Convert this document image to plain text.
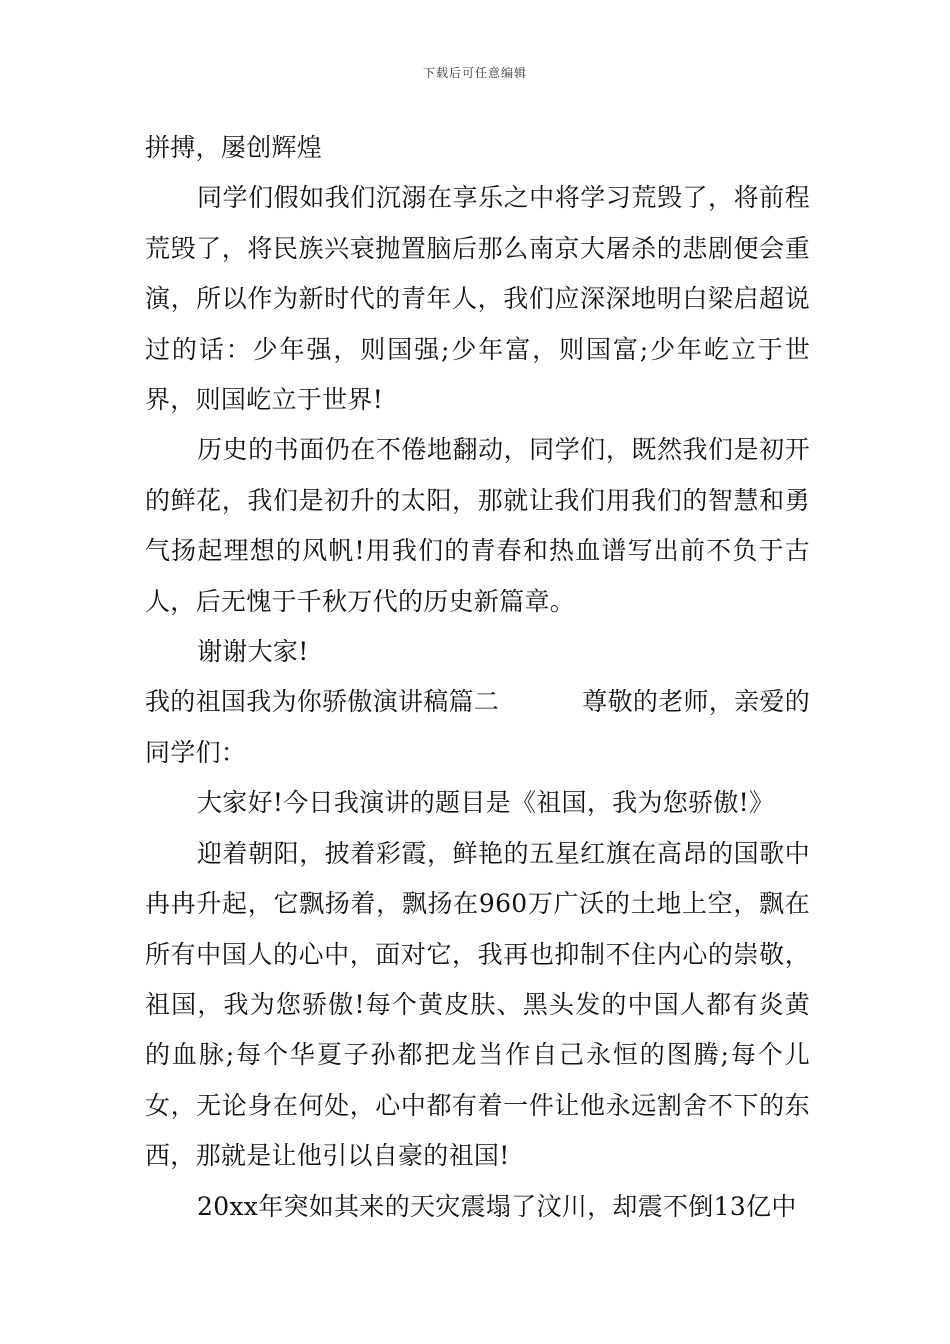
下载后可任意编辑

拼搏，屡创辉煌

同学们假如我们沉溺在享乐之中将学习荒毁了，将前程荒毁了，将民族兴衰抛置脑后那么南京大屠杀的悲剧便会重演，所以作为新时代的青年人，我们应深深地明白梁启超说过的话：少年强，则国强;少年富，则国富;少年屹立于世界，则国屹立于世界!

历史的书面仍在不倦地翻动，同学们，既然我们是初开的鲜花，我们是初升的太阳，那就让我们用我们的智慧和勇气扬起理想的风帆!用我们的青春和热血谱写出前不负于古人，后无愧于千秋万代的历史新篇章。

谢谢大家!

我的祖国我为你骄傲演讲稿篇二	尊敬的老师，亲爱的

同学们：

大家好!今日我演讲的题目是《祖国，我为您骄傲!》

迎着朝阳，披着彩霞，鲜艳的五星红旗在高昂的国歌中冉冉升起，它飘扬着，飘扬在960万广沃的土地上空，飘在所有中国人的心中，面对它，我再也抑制不住内心的崇敬，祖国，我为您骄傲!每个黄皮肤、黑头发的中国人都有炎黄的血脉;每个华夏子孙都把龙当作自己永恒的图腾;每个儿女，无论身在何处，心中都有着一件让他永远割舍不下的东西，那就是让他引以自豪的祖国!

20xx年突如其来的天灾震塌了汶川，却震不倒13亿中
